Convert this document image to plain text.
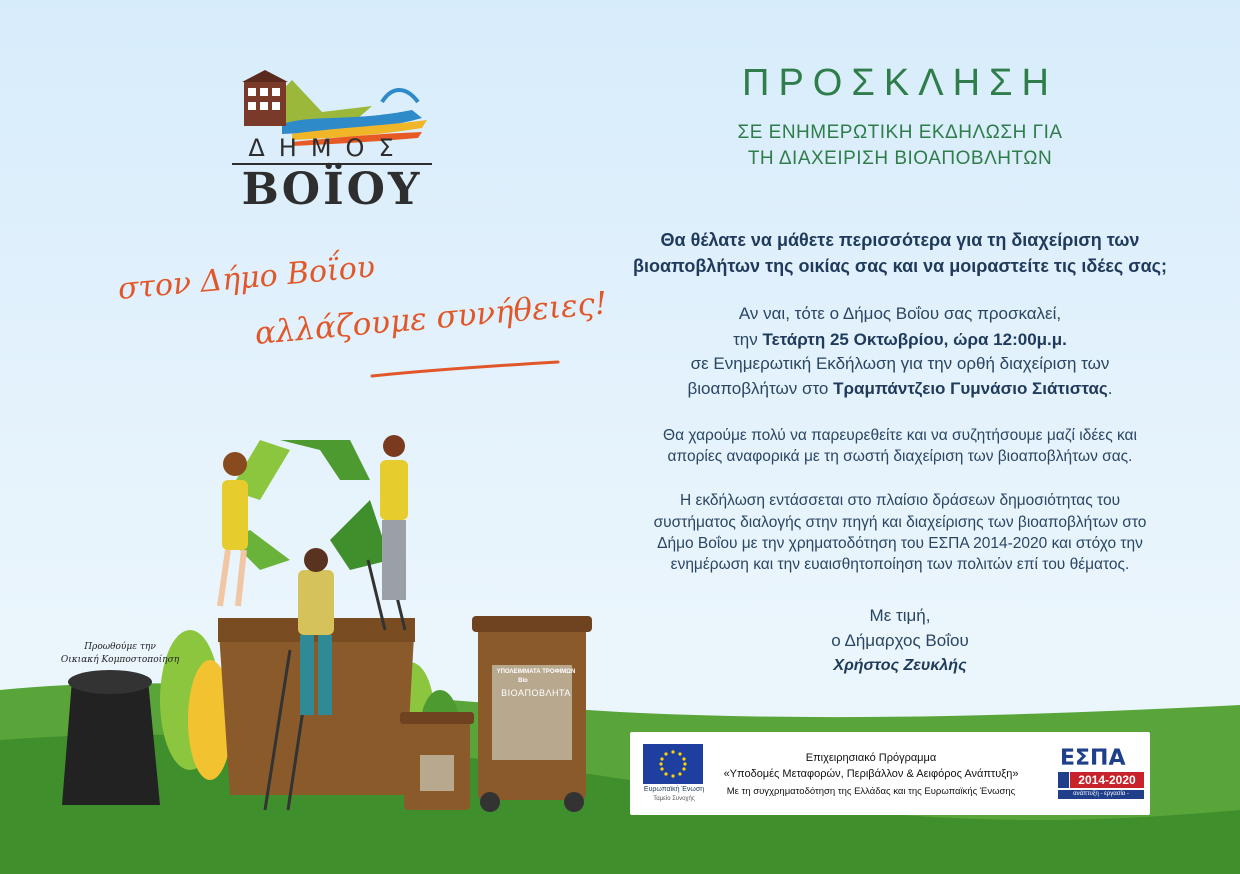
ΔΗΜΟΣ
ΒΟΪΟΥ
στον Δήμο Βοΐου
αλλάζουμε συνήθειες!
Προωθούμε την
Οικιακή Κομποστοποίηση
ΥΠΟΛΕΙΜΜΑΤΑ ΤΡΟΦΙΜΩΝ
Bio
ΒΙΟΑΠΟΒΛΗΤΑ
ΠΡΟΣΚΛΗΣΗ
ΣΕ ΕΝΗΜΕΡΩΤΙΚΗ ΕΚΔΗΛΩΣΗ ΓΙΑ
ΤΗ ΔΙΑΧΕΙΡΙΣΗ ΒΙΟΑΠΟΒΛΗΤΩΝ
Θα θέλατε να μάθετε περισσότερα για τη διαχείριση των
βιοαποβλήτων της οικίας σας και να μοιραστείτε τις ιδέες σας;
Αν ναι, τότε ο Δήμος Βοΐου σας προσκαλεί,
την Τετάρτη 25 Οκτωβρίου, ώρα 12:00μ.μ.
σε Ενημερωτική Εκδήλωση για την ορθή διαχείριση των
βιοαποβλήτων στο Τραμπάντζειο Γυμνάσιο Σιάτιστας.
Θα χαρούμε πολύ να παρευρεθείτε και να συζητήσουμε μαζί ιδέες και
απορίες αναφορικά με τη σωστή διαχείριση των βιοαποβλήτων σας.
Η εκδήλωση εντάσσεται στο πλαίσιο δράσεων δημοσιότητας του
συστήματος διαλογής στην πηγή και διαχείρισης των βιοαποβλήτων στο
Δήμο Βοΐου με την χρηματοδότηση του ΕΣΠΑ 2014-2020 και στόχο την
ενημέρωση και την ευαισθητοποίηση των πολιτών επί του θέματος.
Με τιμή,
ο Δήμαρχος Βοΐου
Χρήστος Ζευκλής
Ευρωπαϊκή Ένωση
Ταμείο Συνοχής
Επιχειρησιακό Πρόγραμμα
«Υποδομές Μεταφορών, Περιβάλλον & Αειφόρος Ανάπτυξη»
Με τη συγχρηματοδότηση της Ελλάδας και της Ευρωπαϊκής Ένωσης
ΕΣΠΑ
2014-2020
ανάπτυξη - εργασία - αλληλεγγύη
